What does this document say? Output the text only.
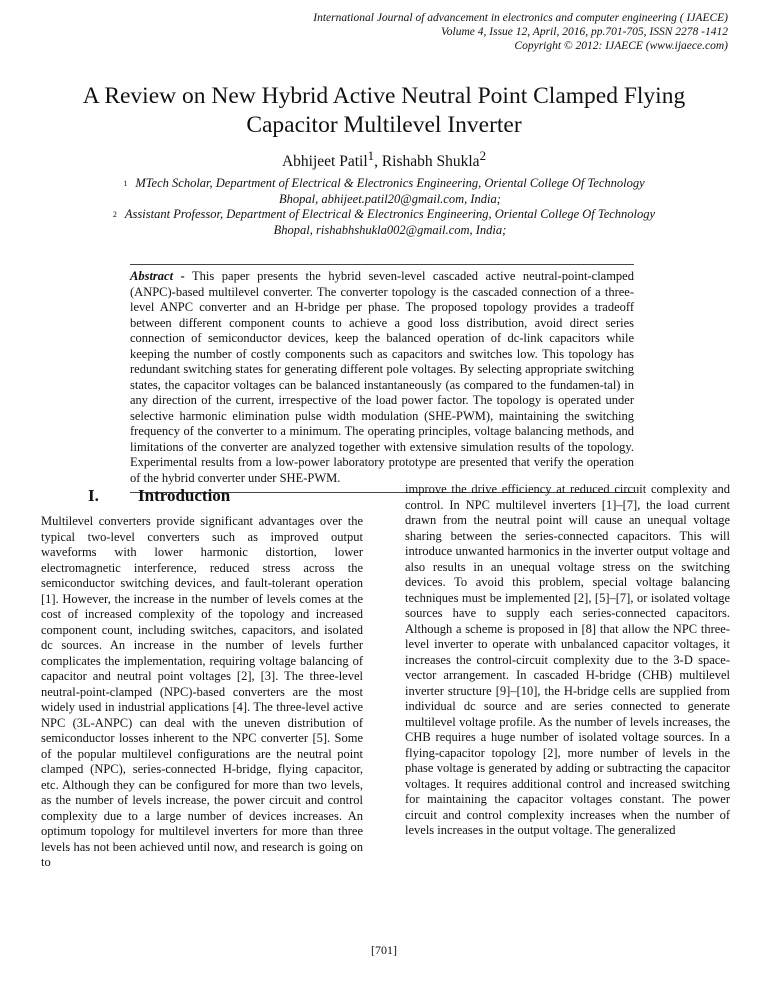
International Journal of advancement in electronics and computer engineering ( IJAECE)
Volume 4, Issue 12, April, 2016, pp.701-705, ISSN 2278 -1412
Copyright © 2012: IJAECE (www.ijaece.com)
A Review on New Hybrid Active Neutral Point Clamped Flying Capacitor Multilevel Inverter
Abhijeet Patil$^1$, Rishabh Shukla$^2$
1 MTech Scholar, Department of Electrical & Electronics Engineering, Oriental College Of Technology
Bhopal, abhijeet.patil20@gmail.com, India;
2 Assistant Professor, Department of Electrical & Electronics Engineering, Oriental College Of Technology
Bhopal, rishabhshukla002@gmail.com, India;
Abstract - This paper presents the hybrid seven-level cascaded active neutral-point-clamped (ANPC)-based multilevel converter. The converter topology is the cascaded connection of a three-level ANPC converter and an H-bridge per phase. The proposed topology provides a tradeoff between different component counts to achieve a good loss distribution, avoid direct series connection of semiconductor devices, keep the balanced operation of dc-link capacitors while keeping the number of costly components such as capacitors and switches low. This topology has redundant switching states for generating different pole voltages. By selecting appropriate switching states, the capacitor voltages can be balanced instantaneously (as compared to the fundamen-tal) in any direction of the current, irrespective of the load power factor. The topology is operated under selective harmonic elimination pulse width modulation (SHE-PWM), maintaining the switching frequency of the converter to a minimum. The operating principles, voltage balancing methods, and limitations of the converter are analyzed together with extensive simulation results of the topology. Experimental results from a low-power laboratory prototype are presented that verify the operation of the hybrid converter under SHE-PWM.
I.	Introduction

Multilevel converters provide significant advantages over the typical two-level converters such as improved output waveforms with lower harmonic distortion, lower electromagnetic interference, reduced stress across the semiconductor switching devices, and fault-tolerant operation [1]. However, the increase in the number of levels comes at the cost of increased complexity of the topology and increased component count, including switches, capacitors, and isolated dc sources. An increase in the number of levels further complicates the implementation, requiring voltage balancing of capacitor and neutral point voltages [2], [3]. The three-level neutral-point-clamped (NPC)-based converters are the most widely used in industrial applications [4]. The three-level active NPC (3L-ANPC) can deal with the uneven distribution of semiconductor losses inherent to the NPC converter [5]. Some of the popular multilevel configurations are the neutral point clamped (NPC), series-connected H-bridge, flying capacitor, etc. Although they can be configured for more than two levels, as the number of levels increase, the power circuit and control complexity due to a large number of devices increases. An optimum topology for multilevel inverters for more than three levels has not been achieved until now, and research is going on to

improve the drive efficiency at reduced circuit complexity and control. In NPC multilevel inverters [1]–[7], the load current drawn from the neutral point will cause an unequal voltage sharing between the series-connected capacitors. This will introduce unwanted harmonics in the inverter output voltage and also results in an unequal voltage stress on the switching devices. To avoid this problem, special voltage balancing techniques must be implemented [2], [5]–[7], or isolated voltage sources have to supply each series-connected capacitors. Although a scheme is proposed in [8] that allow the NPC three-level inverter to operate with unbalanced capacitor voltages, it increases the control-circuit complexity due to the 3-D space-vector arrangement. In cascaded H-bridge (CHB) multilevel inverter structure [9]–[10], the H-bridge cells are supplied from individual dc source and are series connected to generate multilevel voltage profile. As the number of levels increases, the CHB requires a huge number of isolated voltage sources. In a flying-capacitor topology [2], more number of levels in the phase voltage is generated by adding or subtracting the capacitor voltages. It requires additional control and increased switching for maintaining the capacitor voltages constant. The power circuit and control complexity increases when the number of levels increases in the output voltage. The generalized

[701]
